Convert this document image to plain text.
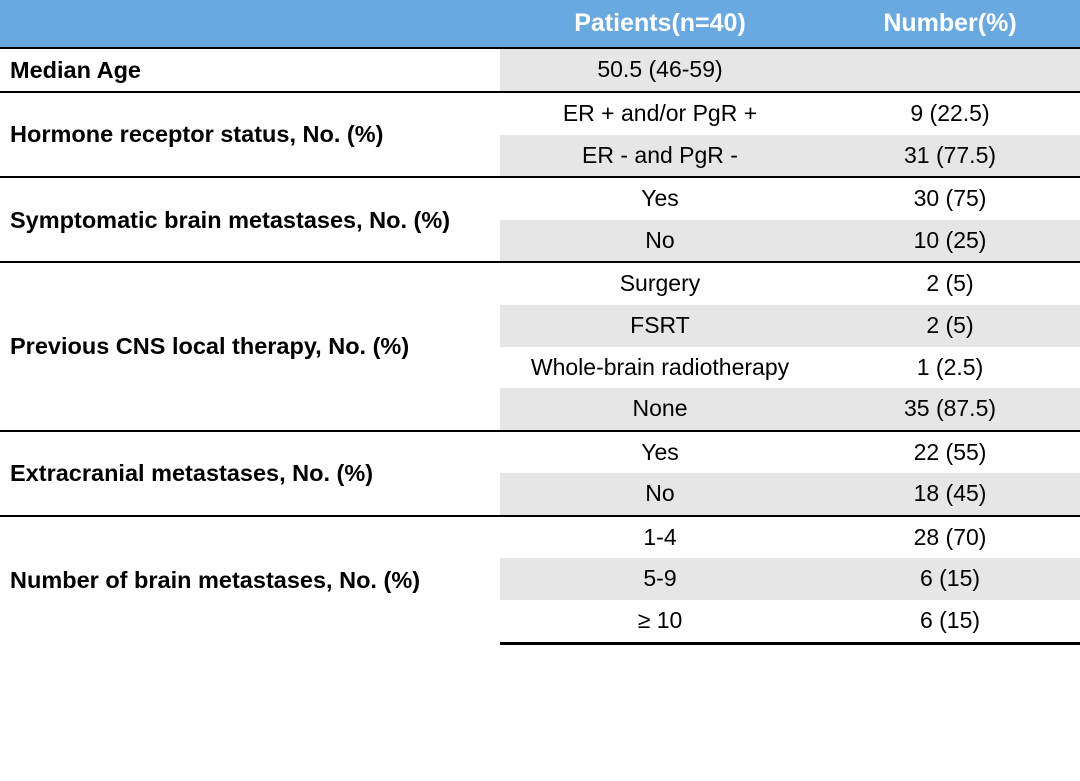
	Patients(n=40)	Number(%)
Median Age	50.5 (46-59)	
Hormone receptor status, No. (%)	ER + and/or PgR +	9 (22.5)
	ER - and PgR -	31 (77.5)
Symptomatic brain metastases, No. (%)	Yes	30 (75)
	No	10 (25)
Previous CNS local therapy, No. (%)	Surgery	2 (5)
	FSRT	2 (5)
	Whole-brain radiotherapy	1 (2.5)
	None	35 (87.5)
Extracranial metastases, No. (%)	Yes	22 (55)
	No	18 (45)
Number of brain metastases, No. (%)	1-4	28 (70)
	5-9	6 (15)
	≥ 10	6 (15)
